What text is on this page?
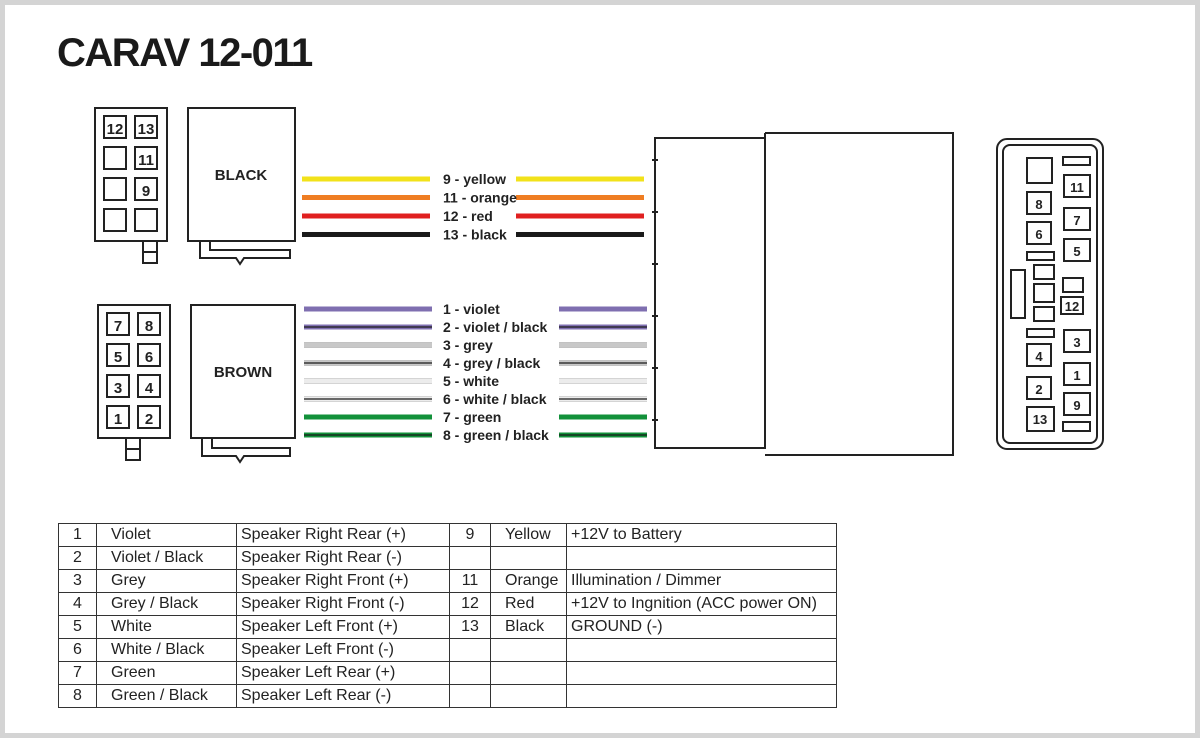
CARAV 12-011
12 13
11
9
BLACK
7 8
5 6
3 4
1 2
BROWN
9 - yellow
11 - orange
12 - red
13 - black
1 - violet
2 - violet / black
3 - grey
4 - grey / black
5 - white
6 - white / black
7 - green
8 - green / black
11
8
7
6
5
12
3
4
1
2
9
13
1	Violet	Speaker Right Rear (+)	9	Yellow	+12V to Battery
2	Violet / Black	Speaker Right Rear (-)			
3	Grey	Speaker Right Front (+)	11	Orange	Illumination / Dimmer
4	Grey / Black	Speaker Right Front (-)	12	Red	+12V to Ingnition (ACC power ON)
5	White	Speaker Left Front (+)	13	Black	GROUND (-)
6	White / Black	Speaker Left Front (-)			
7	Green	Speaker Left Rear (+)			
8	Green / Black	Speaker Left Rear (-)			
